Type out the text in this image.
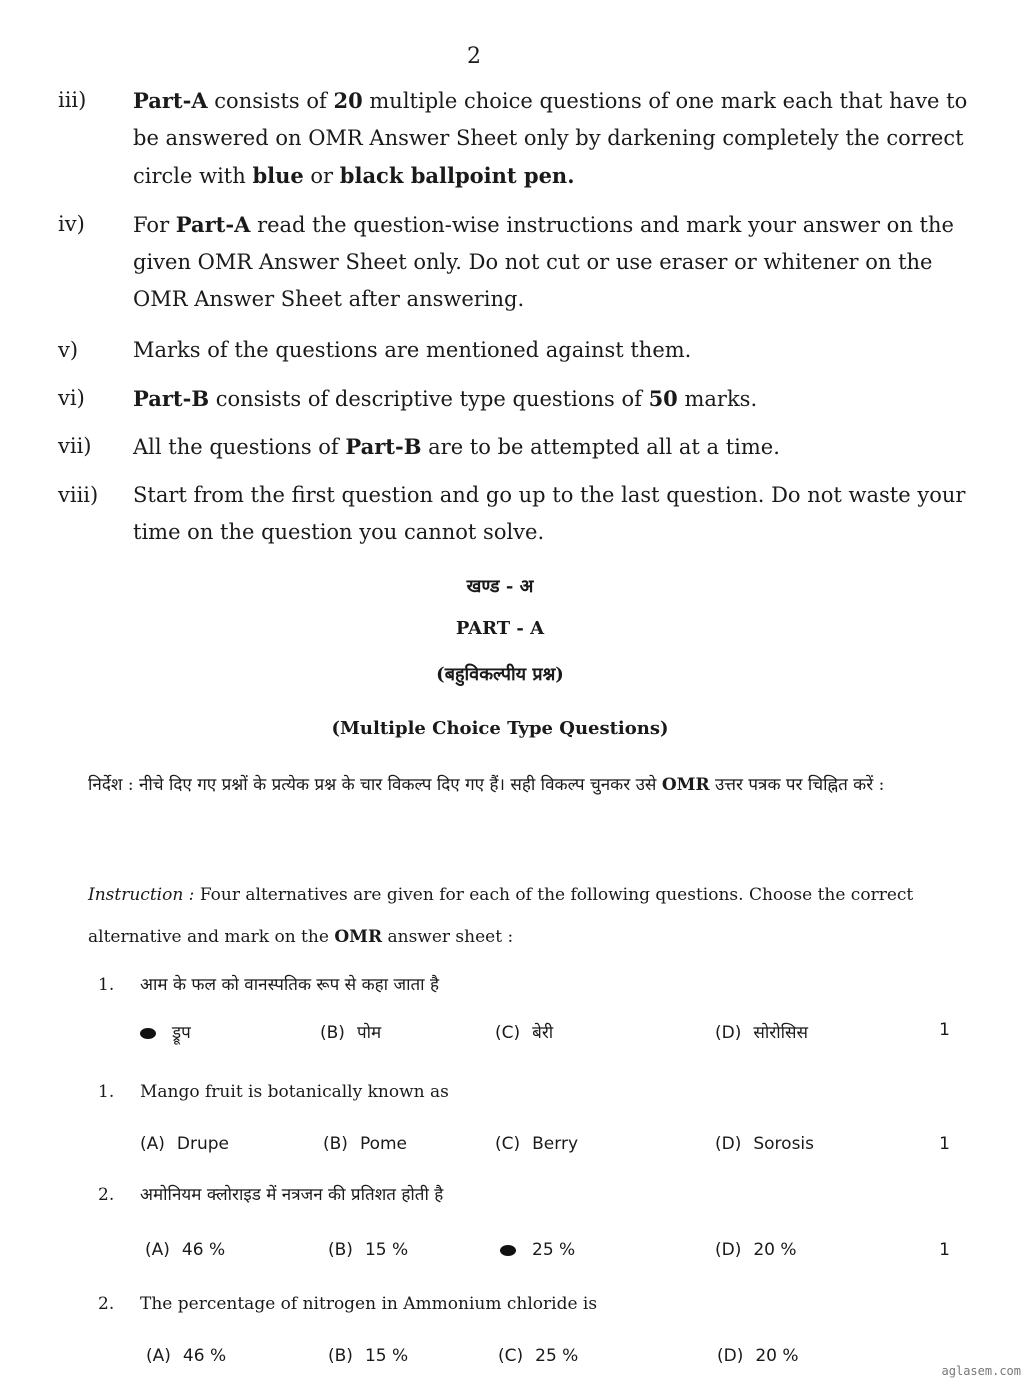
2
iii)	Part-A consists of 20 multiple choice questions of one mark each that have to be answered on OMR Answer Sheet only by darkening completely the correct circle with blue or black ballpoint pen.
iv)	For Part-A read the question-wise instructions and mark your answer on the given OMR Answer Sheet only. Do not cut or use eraser or whitener on the OMR Answer Sheet after answering.
v)	Marks of the questions are mentioned against them.
vi)	Part-B consists of descriptive type questions of 50 marks.
vii)	All the questions of Part-B are to be attempted all at a time.
viii)	Start from the first question and go up to the last question. Do not waste your time on the question you cannot solve.
खण्ड - अ
PART - A
(बहुविकल्पीय प्रश्न)
(Multiple Choice Type Questions)
निर्देश : नीचे दिए गए प्रश्नों के प्रत्येक प्रश्न के चार विकल्प दिए गए हैं। सही विकल्प चुनकर उसे OMR उत्तर पत्रक पर चिह्नित करें :
Instruction : Four alternatives are given for each of the following questions. Choose the correct alternative and mark on the OMR answer sheet :
1. आम के फल को वानस्पतिक रूप से कहा जाता है
ड्रूप	(B) पोम	(C) बेरी	(D) सोरोसिस	1
1. Mango fruit is botanically known as
(A) Drupe	(B) Pome	(C) Berry	(D) Sorosis	1
2. अमोनियम क्लोराइड में नत्रजन की प्रतिशत होती है
(A) 46 %	(B) 15 %	25 %	(D) 20 %	1
2. The percentage of nitrogen in Ammonium chloride is
(A) 46 %	(B) 15 %	(C) 25 %	(D) 20 %
aglasem.com
